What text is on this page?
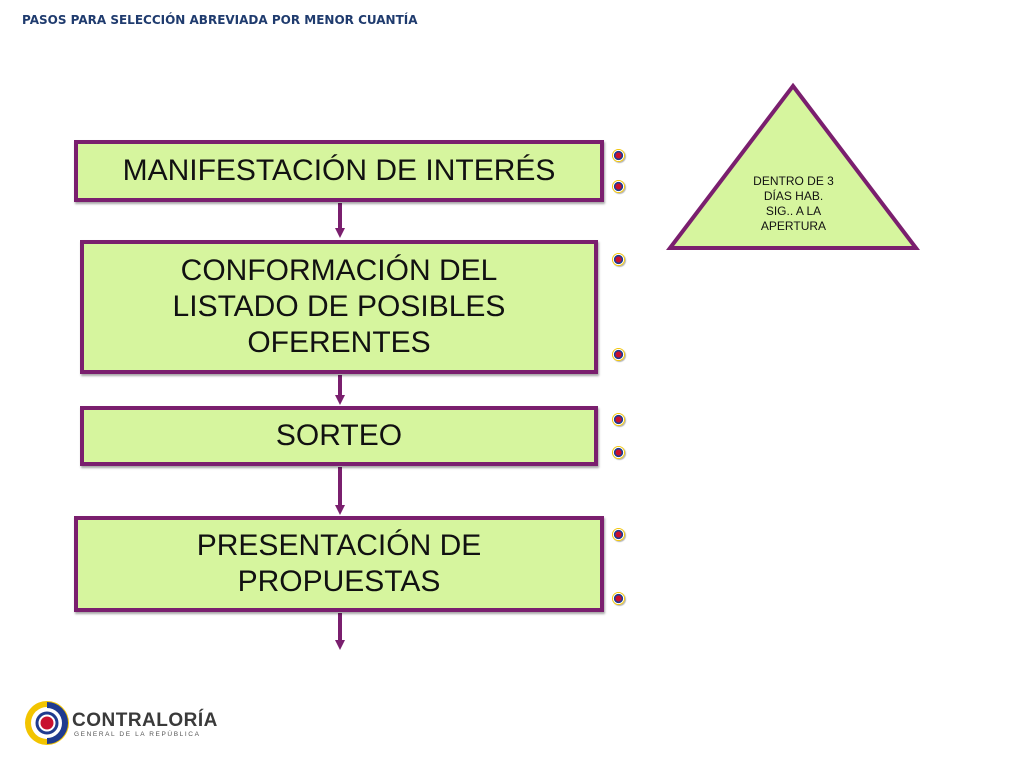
PASOS PARA SELECCIÓN ABREVIADA POR MENOR CUANTÍA
MANIFESTACIÓN DE INTERÉS
CONFORMACIÓN DEL LISTADO DE POSIBLES OFERENTES
SORTEO
PRESENTACIÓN DE PROPUESTAS
DENTRO DE 3
DÍAS HAB.
SIG.. A LA
APERTURA
CONTRALORÍA
GENERAL DE LA REPÚBLICA
